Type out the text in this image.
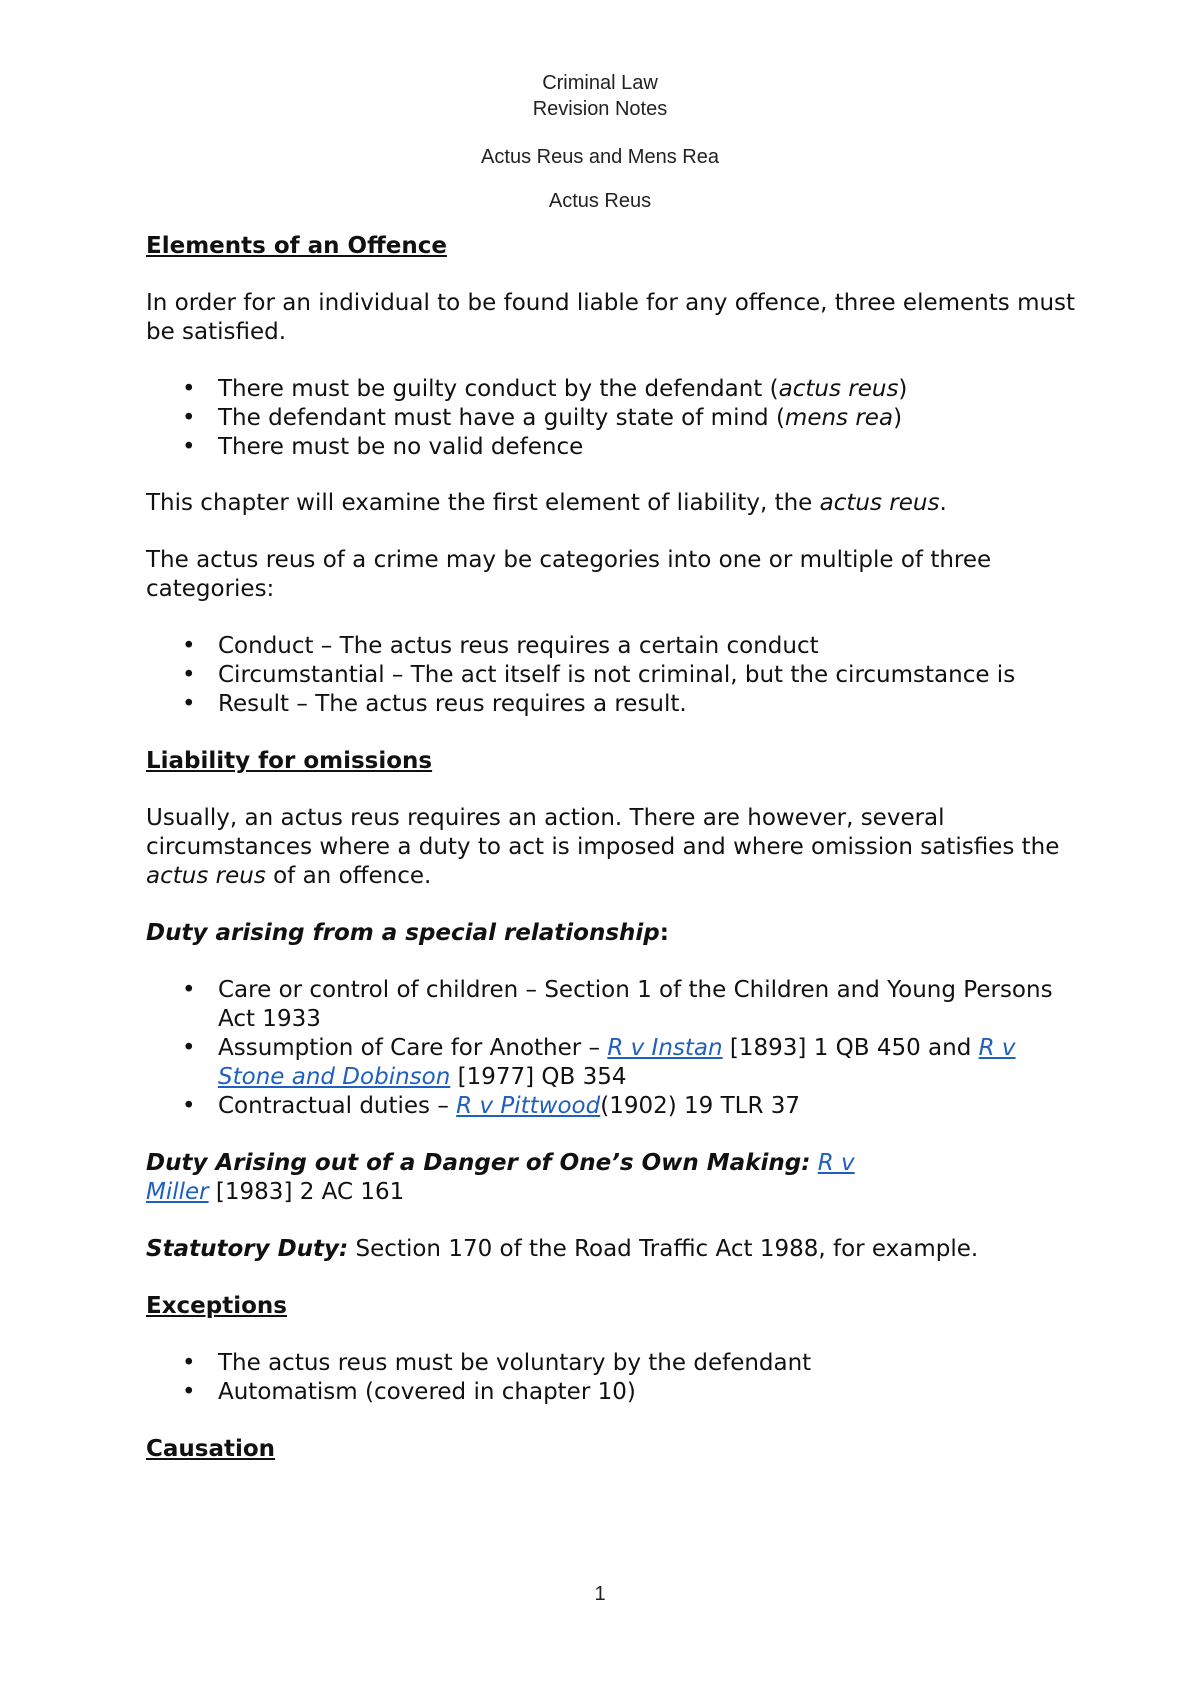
Criminal Law
Revision Notes
Actus Reus and Mens Rea
Actus Reus

Elements of an Offence

In order for an individual to be found liable for any offence, three elements must be satisfied.

• There must be guilty conduct by the defendant (actus reus)
• The defendant must have a guilty state of mind (mens rea)
• There must be no valid defence

This chapter will examine the first element of liability, the actus reus.

The actus reus of a crime may be categories into one or multiple of three categories:

• Conduct – The actus reus requires a certain conduct
• Circumstantial – The act itself is not criminal, but the circumstance is
• Result – The actus reus requires a result.

Liability for omissions

Usually, an actus reus requires an action. There are however, several circumstances where a duty to act is imposed and where omission satisfies the actus reus of an offence.

Duty arising from a special relationship:

• Care or control of children – Section 1 of the Children and Young Persons Act 1933
• Assumption of Care for Another – R v Instan [1893] 1 QB 450 and R v Stone and Dobinson [1977] QB 354
• Contractual duties – R v Pittwood(1902) 19 TLR 37

Duty Arising out of a Danger of One’s Own Making: R v Miller [1983] 2 AC 161

Statutory Duty: Section 170 of the Road Traffic Act 1988, for example.

Exceptions

• The actus reus must be voluntary by the defendant
• Automatism (covered in chapter 10)

Causation

1
